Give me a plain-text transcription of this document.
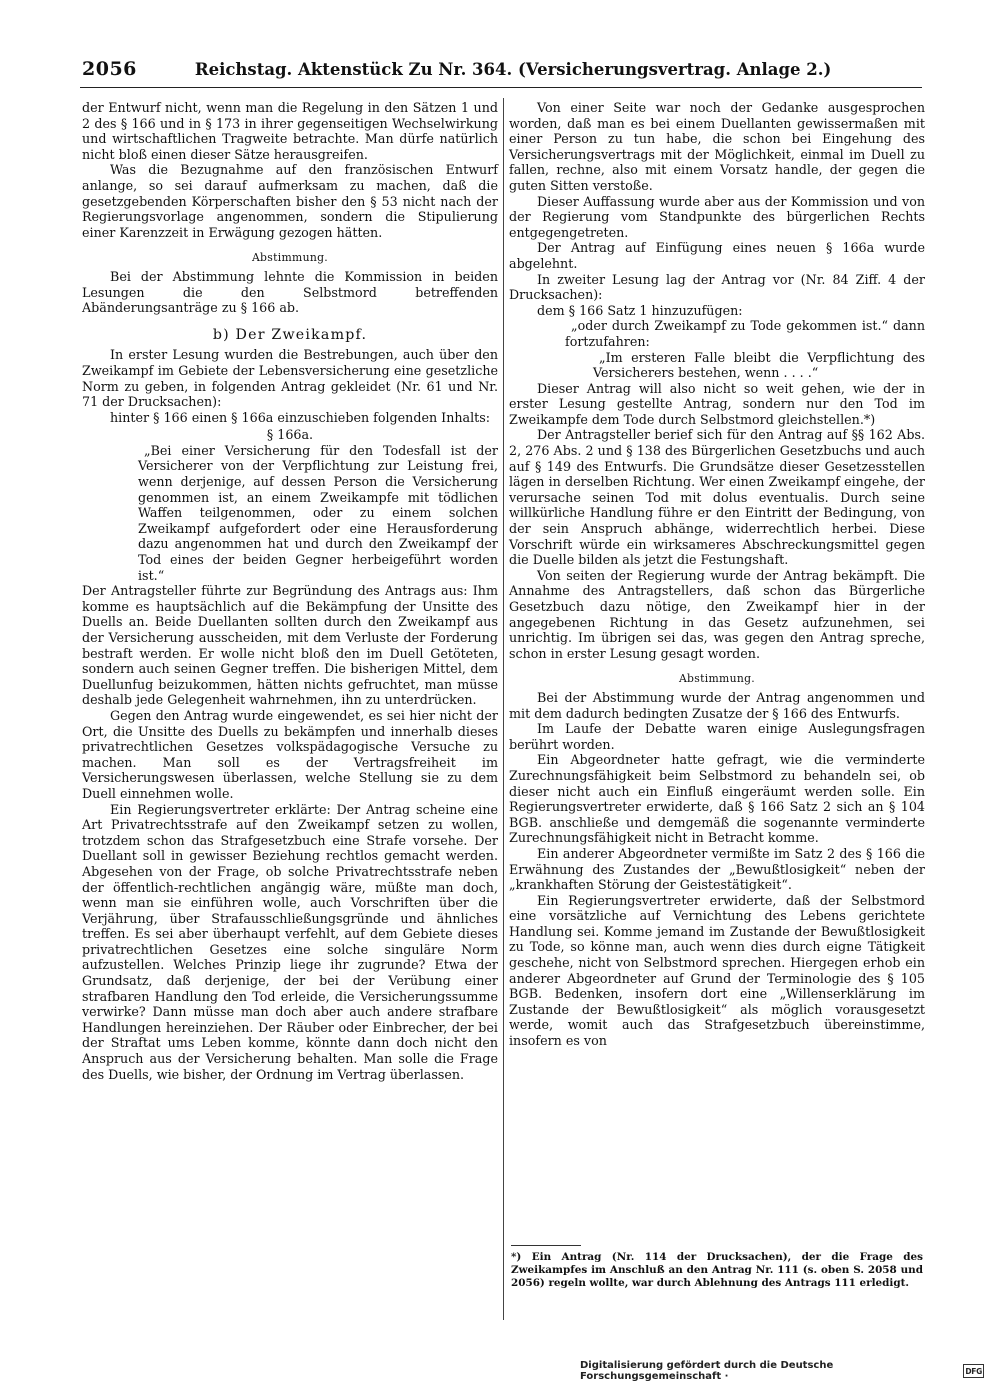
2056	Reichstag. Aktenstück Zu Nr. 364. (Versicherungsvertrag. Anlage 2.)

der Entwurf nicht, wenn man die Regelung in den Sätzen 1 und 2 des § 166 und in § 173 in ihrer gegenseitigen Wechselwirkung und wirtschaftlichen Tragweite betrachte. Man dürfe natürlich nicht bloß einen dieser Sätze herausgreifen.

Was die Bezugnahme auf den französischen Entwurf anlange, so sei darauf aufmerksam zu machen, daß die gesetzgebenden Körperschaften bisher den § 53 nicht nach der Regierungsvorlage angenommen, sondern die Stipulierung einer Karenzzeit in Erwägung gezogen hätten.

Abstimmung.

Bei der Abstimmung lehnte die Kommission in beiden Lesungen die den Selbstmord betreffenden Abänderungsanträge zu § 166 ab.

b) Der Zweikampf.

In erster Lesung wurden die Bestrebungen, auch über den Zweikampf im Gebiete der Lebensversicherung eine gesetzliche Norm zu geben, in folgenden Antrag gekleidet (Nr. 61 und Nr. 71 der Drucksachen):

hinter § 166 einen § 166a einzuschieben folgenden Inhalts:

§ 166a.

„Bei einer Versicherung für den Todesfall ist der Versicherer von der Verpflichtung zur Leistung frei, wenn derjenige, auf dessen Person die Versicherung genommen ist, an einem Zweikampfe mit tödlichen Waffen teilgenommen, oder zu einem solchen Zweikampf aufgefordert oder eine Herausforderung dazu angenommen hat und durch den Zweikampf der Tod eines der beiden Gegner herbeigeführt worden ist.“

Der Antragsteller führte zur Begründung des Antrags aus: Ihm komme es hauptsächlich auf die Bekämpfung der Unsitte des Duells an. Beide Duellanten sollten durch den Zweikampf aus der Versicherung ausscheiden, mit dem Verluste der Forderung bestraft werden. Er wolle nicht bloß den im Duell Getöteten, sondern auch seinen Gegner treffen. Die bisherigen Mittel, dem Duellunfug beizukommen, hätten nichts gefruchtet, man müsse deshalb jede Gelegenheit wahrnehmen, ihn zu unterdrücken.

Gegen den Antrag wurde eingewendet, es sei hier nicht der Ort, die Unsitte des Duells zu bekämpfen und innerhalb dieses privatrechtlichen Gesetzes volkspädagogische Versuche zu machen. Man soll es der Vertragsfreiheit im Versicherungswesen überlassen, welche Stellung sie zu dem Duell einnehmen wolle.

Ein Regierungsvertreter erklärte: Der Antrag scheine eine Art Privatrechtsstrafe auf den Zweikampf setzen zu wollen, trotzdem schon das Strafgesetzbuch eine Strafe vorsehe. Der Duellant soll in gewisser Beziehung rechtlos gemacht werden. Abgesehen von der Frage, ob solche Privatrechtsstrafe neben der öffentlich-rechtlichen angängig wäre, müßte man doch, wenn man sie einführen wolle, auch Vorschriften über die Verjährung, über Strafausschließungsgründe und ähnliches treffen. Es sei aber überhaupt verfehlt, auf dem Gebiete dieses privatrechtlichen Gesetzes eine solche singuläre Norm aufzustellen. Welches Prinzip liege ihr zugrunde? Etwa der Grundsatz, daß derjenige, der bei der Verübung einer strafbaren Handlung den Tod erleide, die Versicherungssumme verwirke? Dann müsse man doch aber auch andere strafbare Handlungen hereinziehen. Der Räuber oder Einbrecher, der bei der Straftat ums Leben komme, könnte dann doch nicht den Anspruch aus der Versicherung behalten. Man solle die Frage des Duells, wie bisher, der Ordnung im Vertrag überlassen.

Von einer Seite war noch der Gedanke ausgesprochen worden, daß man es bei einem Duellanten gewissermaßen mit einer Person zu tun habe, die schon bei Eingehung des Versicherungsvertrags mit der Möglichkeit, einmal im Duell zu fallen, rechne, also mit einem Vorsatz handle, der gegen die guten Sitten verstoße.

Dieser Auffassung wurde aber aus der Kommission und von der Regierung vom Standpunkte des bürgerlichen Rechts entgegengetreten.

Der Antrag auf Einfügung eines neuen § 166a wurde abgelehnt.

In zweiter Lesung lag der Antrag vor (Nr. 84 Ziff. 4 der Drucksachen):

dem § 166 Satz 1 hinzuzufügen:

„oder durch Zweikampf zu Tode gekommen ist.“ dann fortzufahren:

„Im ersteren Falle bleibt die Verpflichtung des Versicherers bestehen, wenn . . . .“

Dieser Antrag will also nicht so weit gehen, wie der in erster Lesung gestellte Antrag, sondern nur den Tod im Zweikampfe dem Tode durch Selbstmord gleichstellen.*)

Der Antragsteller berief sich für den Antrag auf §§ 162 Abs. 2, 276 Abs. 2 und § 138 des Bürgerlichen Gesetzbuchs und auch auf § 149 des Entwurfs. Die Grundsätze dieser Gesetzesstellen lägen in derselben Richtung. Wer einen Zweikampf eingehe, der verursache seinen Tod mit dolus eventualis. Durch seine willkürliche Handlung führe er den Eintritt der Bedingung, von der sein Anspruch abhänge, widerrechtlich herbei. Diese Vorschrift würde ein wirksameres Abschreckungsmittel gegen die Duelle bilden als jetzt die Festungshaft.

Von seiten der Regierung wurde der Antrag bekämpft. Die Annahme des Antragstellers, daß schon das Bürgerliche Gesetzbuch dazu nötige, den Zweikampf hier in der angegebenen Richtung in das Gesetz aufzunehmen, sei unrichtig. Im übrigen sei das, was gegen den Antrag spreche, schon in erster Lesung gesagt worden.

Abstimmung.

Bei der Abstimmung wurde der Antrag angenommen und mit dem dadurch bedingten Zusatze der § 166 des Entwurfs.

Im Laufe der Debatte waren einige Auslegungsfragen berührt worden.

Ein Abgeordneter hatte gefragt, wie die verminderte Zurechnungsfähigkeit beim Selbstmord zu behandeln sei, ob dieser nicht auch ein Einfluß eingeräumt werden solle. Ein Regierungsvertreter erwiderte, daß § 166 Satz 2 sich an § 104 BGB. anschließe und demgemäß die sogenannte verminderte Zurechnungsfähigkeit nicht in Betracht komme.

Ein anderer Abgeordneter vermißte im Satz 2 des § 166 die Erwähnung des Zustandes der „Bewußtlosigkeit“ neben der „krankhaften Störung der Geistestätigkeit“.

Ein Regierungsvertreter erwiderte, daß der Selbstmord eine vorsätzliche auf Vernichtung des Lebens gerichtete Handlung sei. Komme jemand im Zustande der Bewußtlosigkeit zu Tode, so könne man, auch wenn dies durch eigne Tätigkeit geschehe, nicht von Selbstmord sprechen. Hiergegen erhob ein anderer Abgeordneter auf Grund der Terminologie des § 105 BGB. Bedenken, insofern dort eine „Willenserklärung im Zustande der Bewußtlosigkeit“ als möglich vorausgesetzt werde, womit auch das Strafgesetzbuch übereinstimme, insofern es von

*) Ein Antrag (Nr. 114 der Drucksachen), der die Frage des Zweikampfes im Anschluß an den Antrag Nr. 111 (s. oben S. 2058 und 2056) regeln wollte, war durch Ablehnung des Antrags 111 erledigt.
Digitalisierung gefördert durch die Deutsche Forschungsgemeinschaft ·	DFG
